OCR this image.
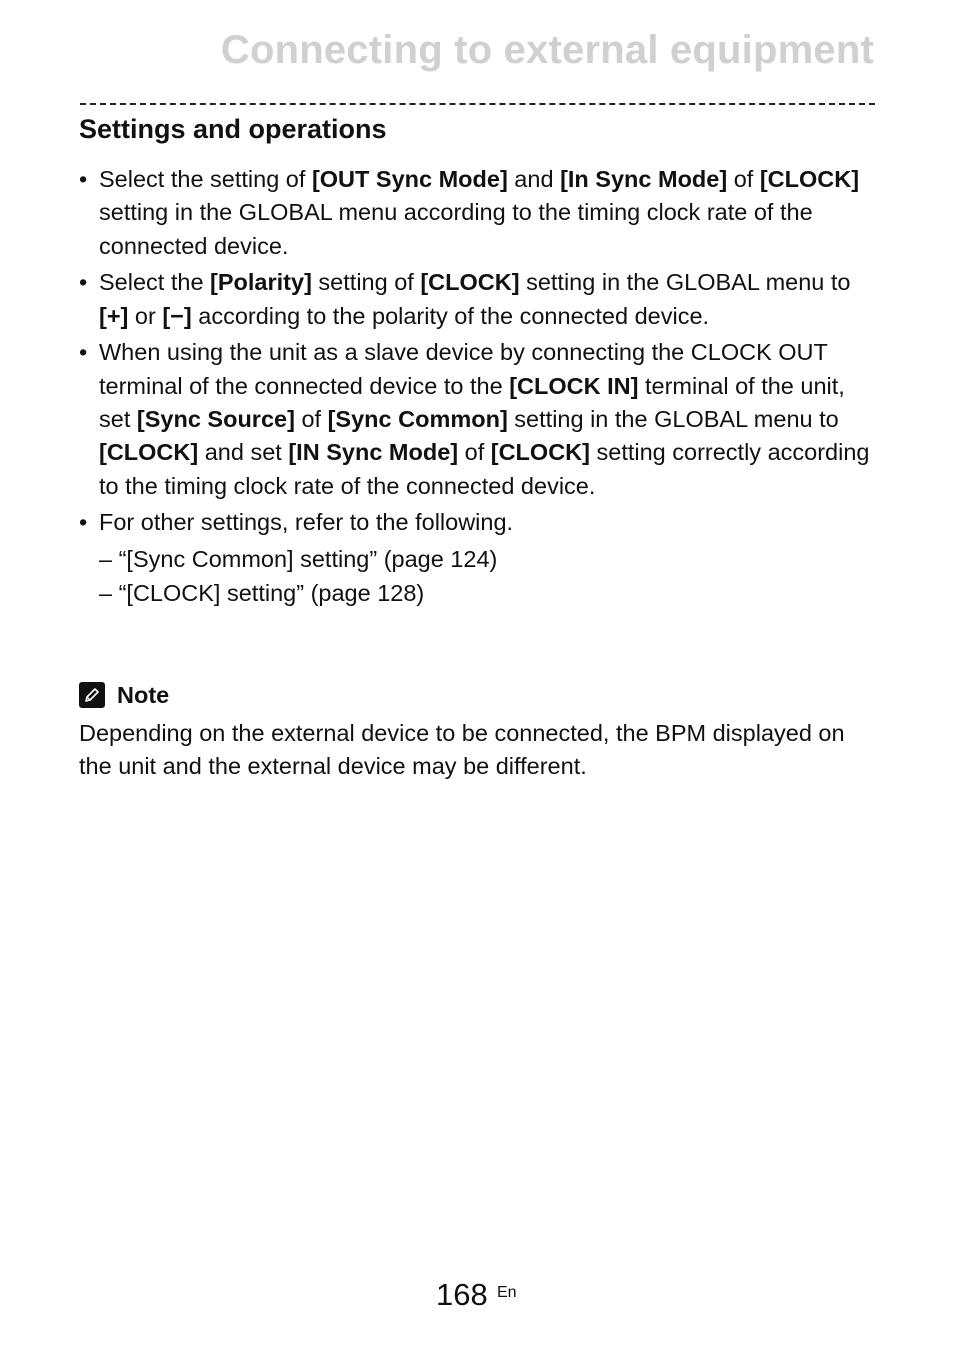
Connecting to external equipment
Settings and operations
• Select the setting of [OUT Sync Mode] and [In Sync Mode] of [CLOCK] setting in the GLOBAL menu according to the timing clock rate of the connected device.
• Select the [Polarity] setting of [CLOCK] setting in the GLOBAL menu to [+] or [−] according to the polarity of the connected device.
• When using the unit as a slave device by connecting the CLOCK OUT terminal of the connected device to the [CLOCK IN] terminal of the unit, set [Sync Source] of [Sync Common] setting in the GLOBAL menu to [CLOCK] and set [IN Sync Mode] of [CLOCK] setting correctly according to the timing clock rate of the connected device.
• For other settings, refer to the following.
– “[Sync Common] setting” (page 124)
– “[CLOCK] setting” (page 128)
Note
Depending on the external device to be connected, the BPM displayed on the unit and the external device may be different.
168 En
